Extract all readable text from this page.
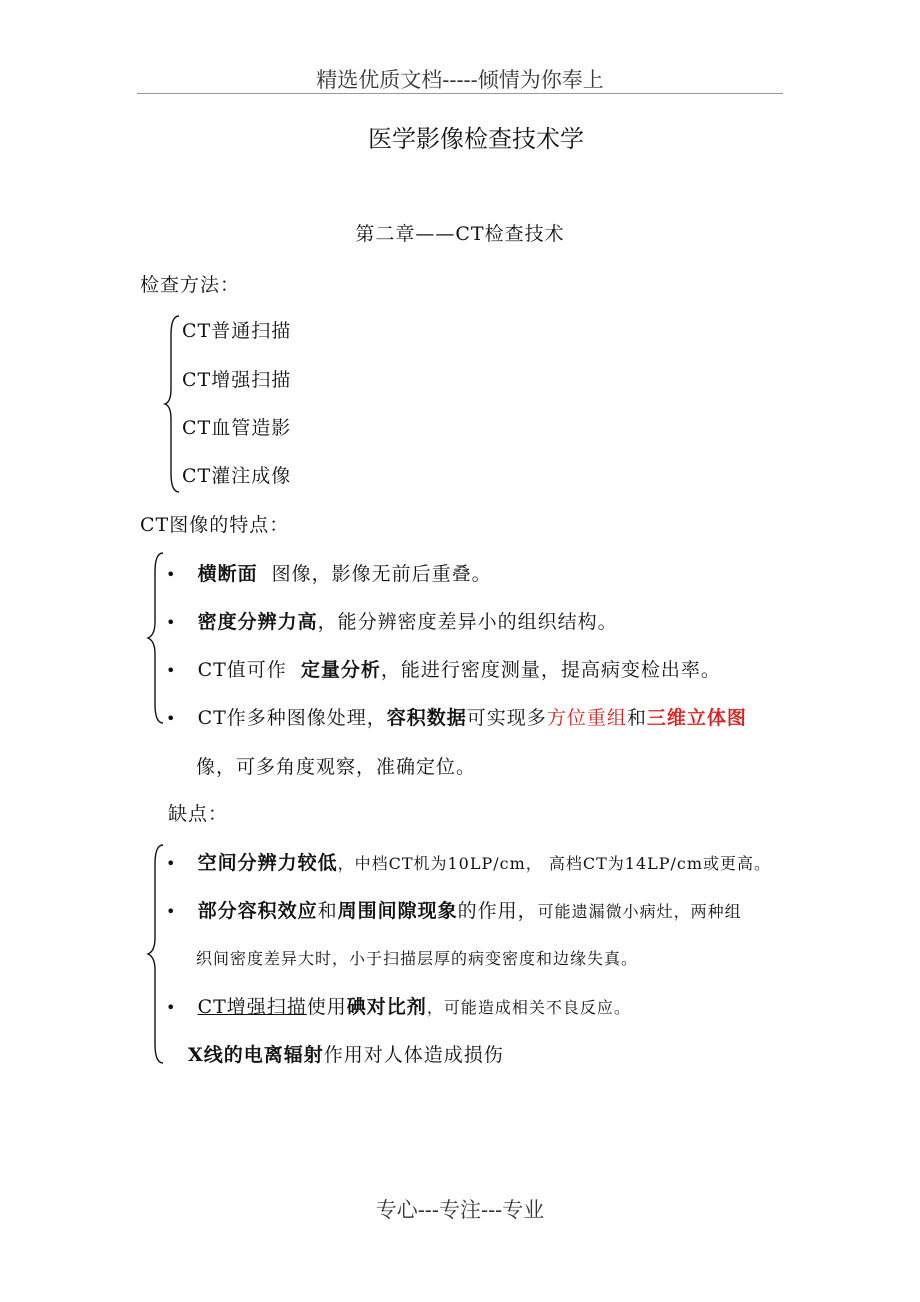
精选优质文档-----倾情为你奉上
医学影像检查技术学
第二章——CT检查技术
检查方法：
CT普通扫描
CT增强扫描
CT血管造影
CT灌注成像
CT图像的特点：
• 横断面 图像，影像无前后重叠。
• 密度分辨力高，能分辨密度差异小的组织结构。
• CT值可作 定量分析，能进行密度测量，提高病变检出率。
• CT作多种图像处理，容积数据可实现多方位重组和三维立体图
像，可多角度观察，准确定位。
缺点：
• 空间分辨力较低，中档CT机为10LP/cm， 高档CT为14LP/cm或更高。
• 部分容积效应和周围间隙现象的作用，可能遗漏微小病灶，两种组
织间密度差异大时，小于扫描层厚的病变密度和边缘失真。
• CT增强扫描使用碘对比剂，可能造成相关不良反应。
X线的电离辐射作用对人体造成损伤
专心---专注---专业
